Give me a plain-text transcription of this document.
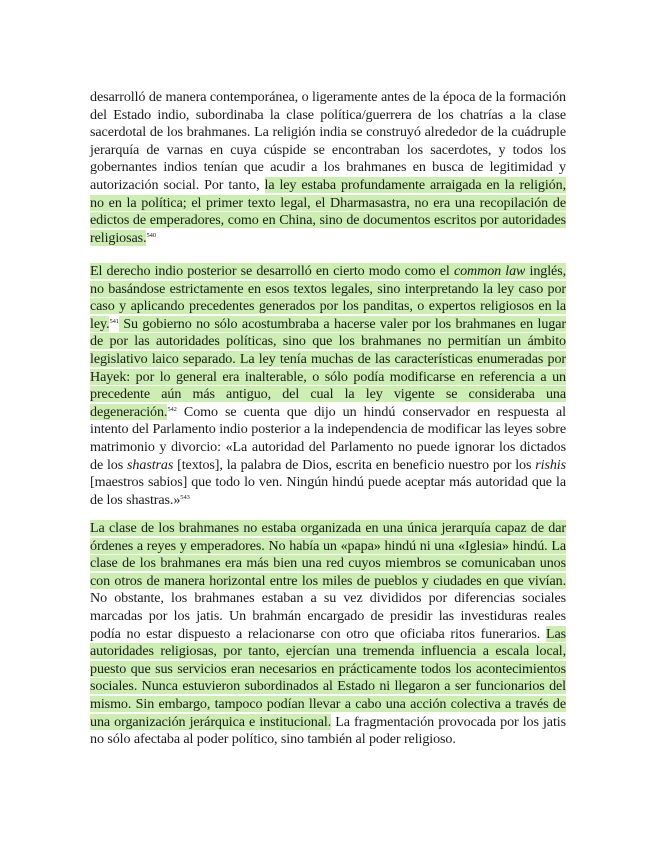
desarrolló de manera contemporánea, o ligeramente antes de la época de la formación del Estado indio, subordinaba la clase política/guerrera de los chatrías a la clase sacerdotal de los brahmanes. La religión india se construyó alrededor de la cuádruple jerarquía de varnas en cuya cúspide se encontraban los sacerdotes, y todos los gobernantes indios tenían que acudir a los brahmanes en busca de legitimidad y autorización social. Por tanto, la ley estaba profundamente arraigada en la religión, no en la política; el primer texto legal, el Dharmasastra, no era una recopilación de edictos de emperadores, como en China, sino de documentos escritos por autoridades religiosas.$^{540}$

El derecho indio posterior se desarrolló en cierto modo como el common law inglés, no basándose estrictamente en esos textos legales, sino interpretando la ley caso por caso y aplicando precedentes generados por los panditas, o expertos religiosos en la ley.$^{541}$ Su gobierno no sólo acostumbraba a hacerse valer por los brahmanes en lugar de por las autoridades políticas, sino que los brahmanes no permitían un ámbito legislativo laico separado. La ley tenía muchas de las características enumeradas por Hayek: por lo general era inalterable, o sólo podía modificarse en referencia a un precedente aún más antiguo, del cual la ley vigente se consideraba una degeneración.$^{542}$ Como se cuenta que dijo un hindú conservador en respuesta al intento del Parlamento indio posterior a la independencia de modificar las leyes sobre matrimonio y divorcio: «La autoridad del Parlamento no puede ignorar los dictados de los shastras [textos], la palabra de Dios, escrita en beneficio nuestro por los rishis [maestros sabios] que todo lo ven. Ningún hindú puede aceptar más autoridad que la de los shastras.»$^{543}$

La clase de los brahmanes no estaba organizada en una única jerarquía capaz de dar órdenes a reyes y emperadores. No había un «papa» hindú ni una «Iglesia» hindú. La clase de los brahmanes era más bien una red cuyos miembros se comunicaban unos con otros de manera horizontal entre los miles de pueblos y ciudades en que vivían. No obstante, los brahmanes estaban a su vez divididos por diferencias sociales marcadas por los jatis. Un brahmán encargado de presidir las investiduras reales podía no estar dispuesto a relacionarse con otro que oficiaba ritos funerarios. Las autoridades religiosas, por tanto, ejercían una tremenda influencia a escala local, puesto que sus servicios eran necesarios en prácticamente todos los acontecimientos sociales. Nunca estuvieron subordinados al Estado ni llegaron a ser funcionarios del mismo. Sin embargo, tampoco podían llevar a cabo una acción colectiva a través de una organización jerárquica e institucional. La fragmentación provocada por los jatis no sólo afectaba al poder político, sino también al poder religioso.
